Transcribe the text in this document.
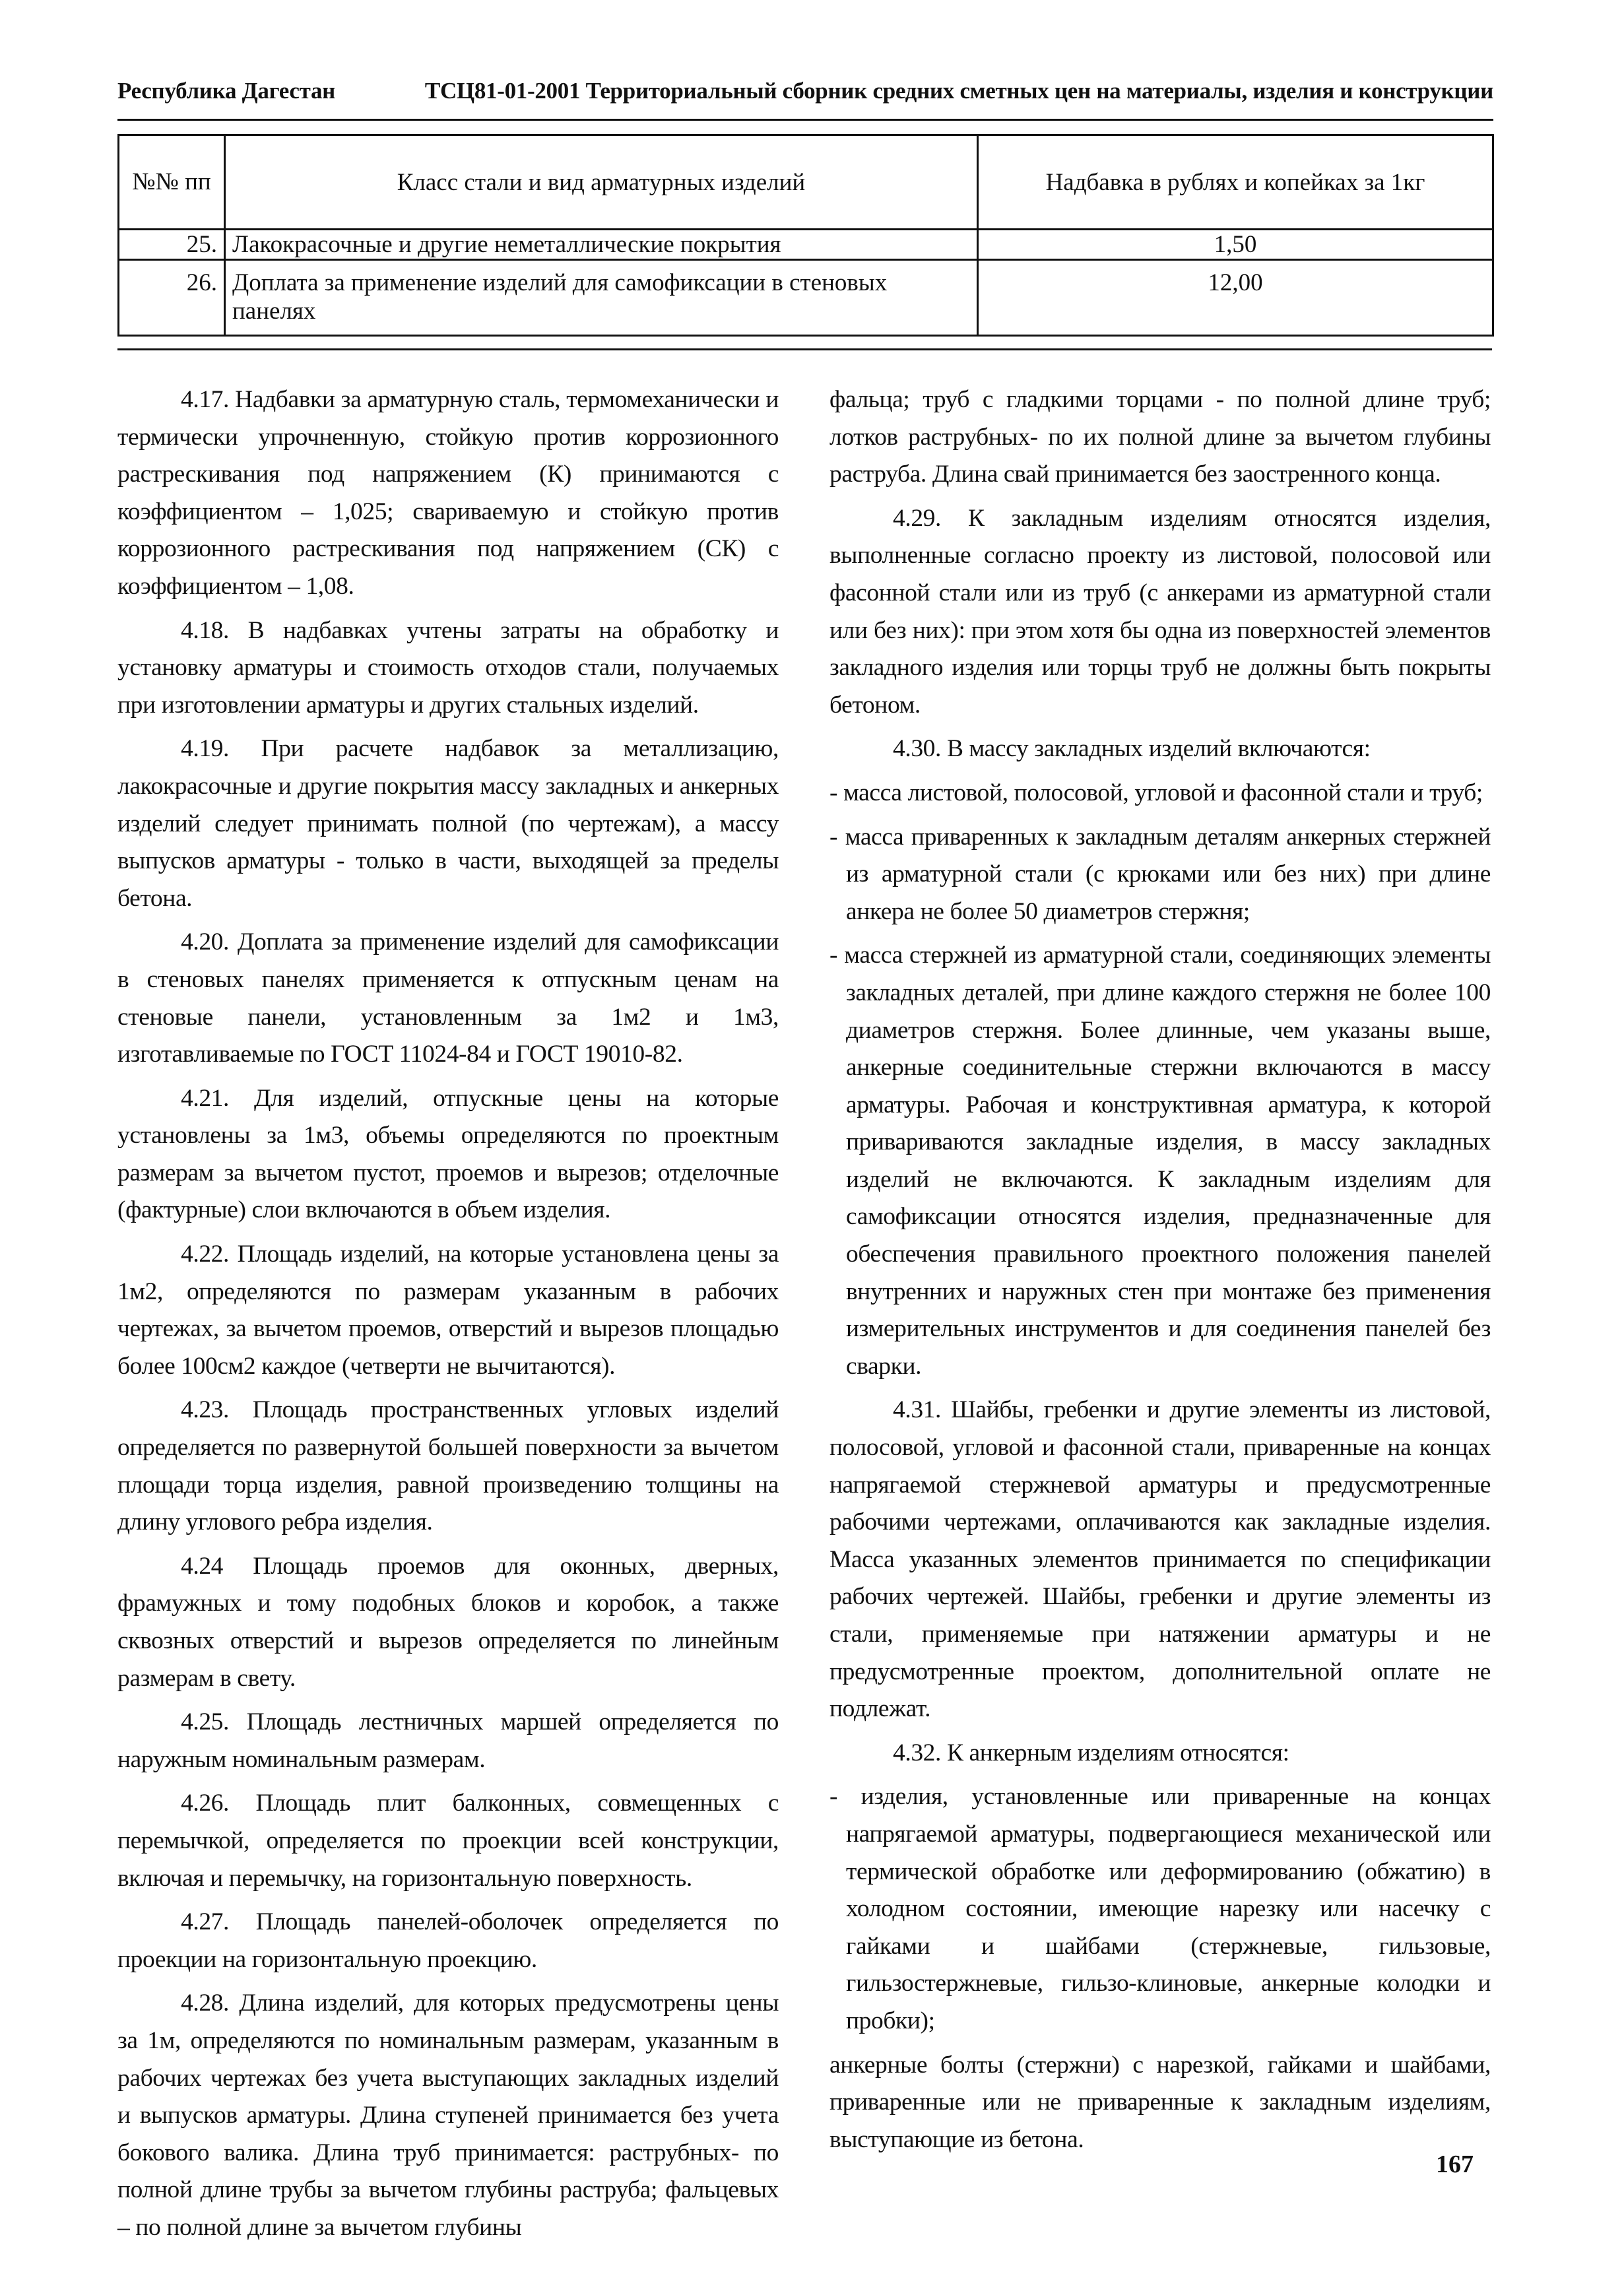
Республика Дагестан	ТСЦ81-01-2001 Территориальный сборник средних сметных цен на материалы, изделия и конструкции
№№ пп	Класс стали и вид арматурных изделий	Надбавка в рублях и копейках за 1кг
25.	Лакокрасочные и другие неметаллические покрытия	1,50
26.	Доплата за применение изделий для самофиксации в стеновых панелях	12,00

4.17. Надбавки за арматурную сталь, термомеханически и термически упрочненную, стойкую против коррозионного растрескивания под напряжением (К) принимаются с коэффициентом – 1,025; свариваемую и стойкую против коррозионного растрескивания под напряжением (СК) с коэффициентом – 1,08.

4.18. В надбавках учтены затраты на обработку и установку арматуры и стоимость отходов стали, получаемых при изготовлении арматуры и других стальных изделий.

4.19. При расчете надбавок за металлизацию, лакокрасочные и другие покрытия массу закладных и анкерных изделий следует принимать полной (по чертежам), а массу выпусков арматуры - только в части, выходящей за пределы бетона.

4.20. Доплата за применение изделий для самофиксации в стеновых панелях применяется к отпускным ценам на стеновые панели, установленным за 1м2 и 1м3, изготавливаемые по ГОСТ 11024-84 и ГОСТ 19010-82.

4.21. Для изделий, отпускные цены на которые установлены за 1м3, объемы определяются по проектным размерам за вычетом пустот, проемов и вырезов; отделочные (фактурные) слои включаются в объем изделия.

4.22. Площадь изделий, на которые установлена цены за 1м2, определяются по размерам указанным в рабочих чертежах, за вычетом проемов, отверстий и вырезов площадью более 100см2 каждое (четверти не вычитаются).

4.23. Площадь пространственных угловых изделий определяется по развернутой большей поверхности за вычетом площади торца изделия, равной произведению толщины на длину углового ребра изделия.

4.24 Площадь проемов для оконных, дверных, фрамужных и тому подобных блоков и коробок, а также сквозных отверстий и вырезов определяется по линейным размерам в свету.

4.25. Площадь лестничных маршей определяется по наружным номинальным размерам.

4.26. Площадь плит балконных, совмещенных с перемычкой, определяется по проекции всей конструкции, включая и перемычку, на горизонтальную поверхность.

4.27. Площадь панелей-оболочек определяется по проекции на горизонтальную проекцию.

4.28. Длина изделий, для которых предусмотрены цены за 1м, определяются по номинальным размерам, указанным в рабочих чертежах без учета выступающих закладных изделий и выпусков арматуры. Длина ступеней принимается без учета бокового валика. Длина труб принимается: раструбных- по полной длине трубы за вычетом глубины раструба; фальцевых – по полной длине за вычетом глубины

фальца; труб с гладкими торцами - по полной длине труб; лотков раструбных- по их полной длине за вычетом глубины раструба. Длина свай принимается без заостренного конца.

4.29. К закладным изделиям относятся изделия, выполненные согласно проекту из листовой, полосовой или фасонной стали или из труб (с анкерами из арматурной стали или без них): при этом хотя бы одна из поверхностей элементов закладного изделия или торцы труб не должны быть покрыты бетоном.

4.30. В массу закладных изделий включаются:

- масса листовой, полосовой, угловой и фасонной стали и труб;

- масса приваренных к закладным деталям анкерных стержней из арматурной стали (с крюками или без них) при длине анкера не более 50 диаметров стержня;

- масса стержней из арматурной стали, соединяющих элементы закладных деталей, при длине каждого стержня не более 100 диаметров стержня. Более длинные, чем указаны выше, анкерные соединительные стержни включаются в массу арматуры. Рабочая и конструктивная арматура, к которой привариваются закладные изделия, в массу закладных изделий не включаются. К закладным изделиям для самофиксации относятся изделия, предназначенные для обеспечения правильного проектного положения панелей внутренних и наружных стен при монтаже без применения измерительных инструментов и для соединения панелей без сварки.

4.31. Шайбы, гребенки и другие элементы из листовой, полосовой, угловой и фасонной стали, приваренные на концах напрягаемой стержневой арматуры и предусмотренные рабочими чертежами, оплачиваются как закладные изделия. Масса указанных элементов принимается по спецификации рабочих чертежей. Шайбы, гребенки и другие элементы из стали, применяемые при натяжении арматуры и не предусмотренные проектом, дополнительной оплате не подлежат.

4.32. К анкерным изделиям относятся:

- изделия, установленные или приваренные на концах напрягаемой арматуры, подвергающиеся механической или термической обработке или деформированию (обжатию) в холодном состоянии, имеющие нарезку или насечку с гайками и шайбами (стержневые, гильзовые, гильзостержневые, гильзо-клиновые, анкерные колодки и пробки);

анкерные болты (стержни) с нарезкой, гайками и шайбами, приваренные или не приваренные к закладным изделиям, выступающие из бетона.

167
